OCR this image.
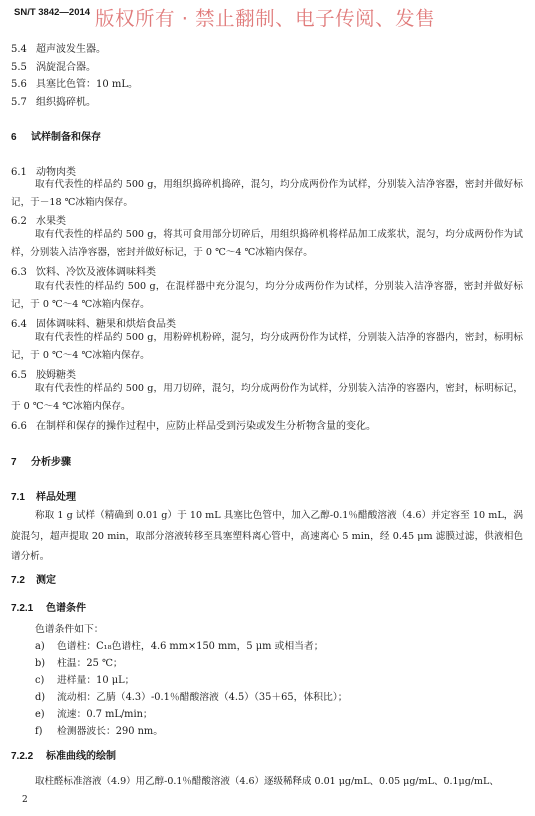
SN/T 3842—2014 版权所有 · 禁止翻制、电子传阅、发售
5.4 超声波发生器。
5.5 涡旋混合器。
5.6 具塞比色管：10 mL。
5.7 组织捣碎机。
6 试样制备和保存
6.1 动物肉类
取有代表性的样品约 500 g，用组织捣碎机捣碎，混匀，均分成两份作为试样，分别装入洁净容器，密封并做好标记，于－18 ℃冰箱内保存。
6.2 水果类
取有代表性的样品约 500 g，将其可食用部分切碎后，用组织捣碎机将样品加工成浆状，混匀，均分成两份作为试样，分别装入洁净容器，密封并做好标记，于 0 ℃～4 ℃冰箱内保存。
6.3 饮料、冷饮及液体调味料类
取有代表性的样品约 500 g，在混样器中充分混匀，均分分成两份作为试样，分别装入洁净容器，密封并做好标记，于 0 ℃～4 ℃冰箱内保存。
6.4 固体调味料、糖果和烘焙食品类
取有代表性的样品约 500 g，用粉碎机粉碎，混匀，均分成两份作为试样，分别装入洁净的容器内，密封，标明标记，于 0 ℃～4 ℃冰箱内保存。
6.5 胶姆糖类
取有代表性的样品约 500 g，用刀切碎，混匀，均分成两份作为试样，分别装入洁净的容器内，密封，标明标记，于 0 ℃～4 ℃冰箱内保存。
6.6 在制样和保存的操作过程中，应防止样品受到污染或发生分析物含量的变化。
7 分析步骤
7.1 样品处理
称取 1 g 试样（精确到 0.01 g）于 10 mL 具塞比色管中，加入乙醇-0.1％醋酸溶液（4.6）并定容至 10 mL，涡旋混匀，超声提取 20 min，取部分溶液转移至具塞塑料离心管中，高速离心 5 min，经 0.45 μm 滤膜过滤，供液相色谱分析。
7.2 测定
7.2.1 色谱条件
色谱条件如下：
a) 色谱柱：C₁₈色谱柱，4.6 mm×150 mm，5 μm 或相当者；
b) 柱温：25 ℃；
c) 进样量：10 μL；
d) 流动相：乙腈（4.3）-0.1％醋酸溶液（4.5）（35＋65，体积比）；
e) 流速：0.7 mL/min；
f) 检测器波长：290 nm。
7.2.2 标准曲线的绘制
取柱醛标准溶液（4.9）用乙醇-0.1％醋酸溶液（4.6）逐级稀释成 0.01 μg/mL、0.05 μg/mL、0.1μg/mL、
2
